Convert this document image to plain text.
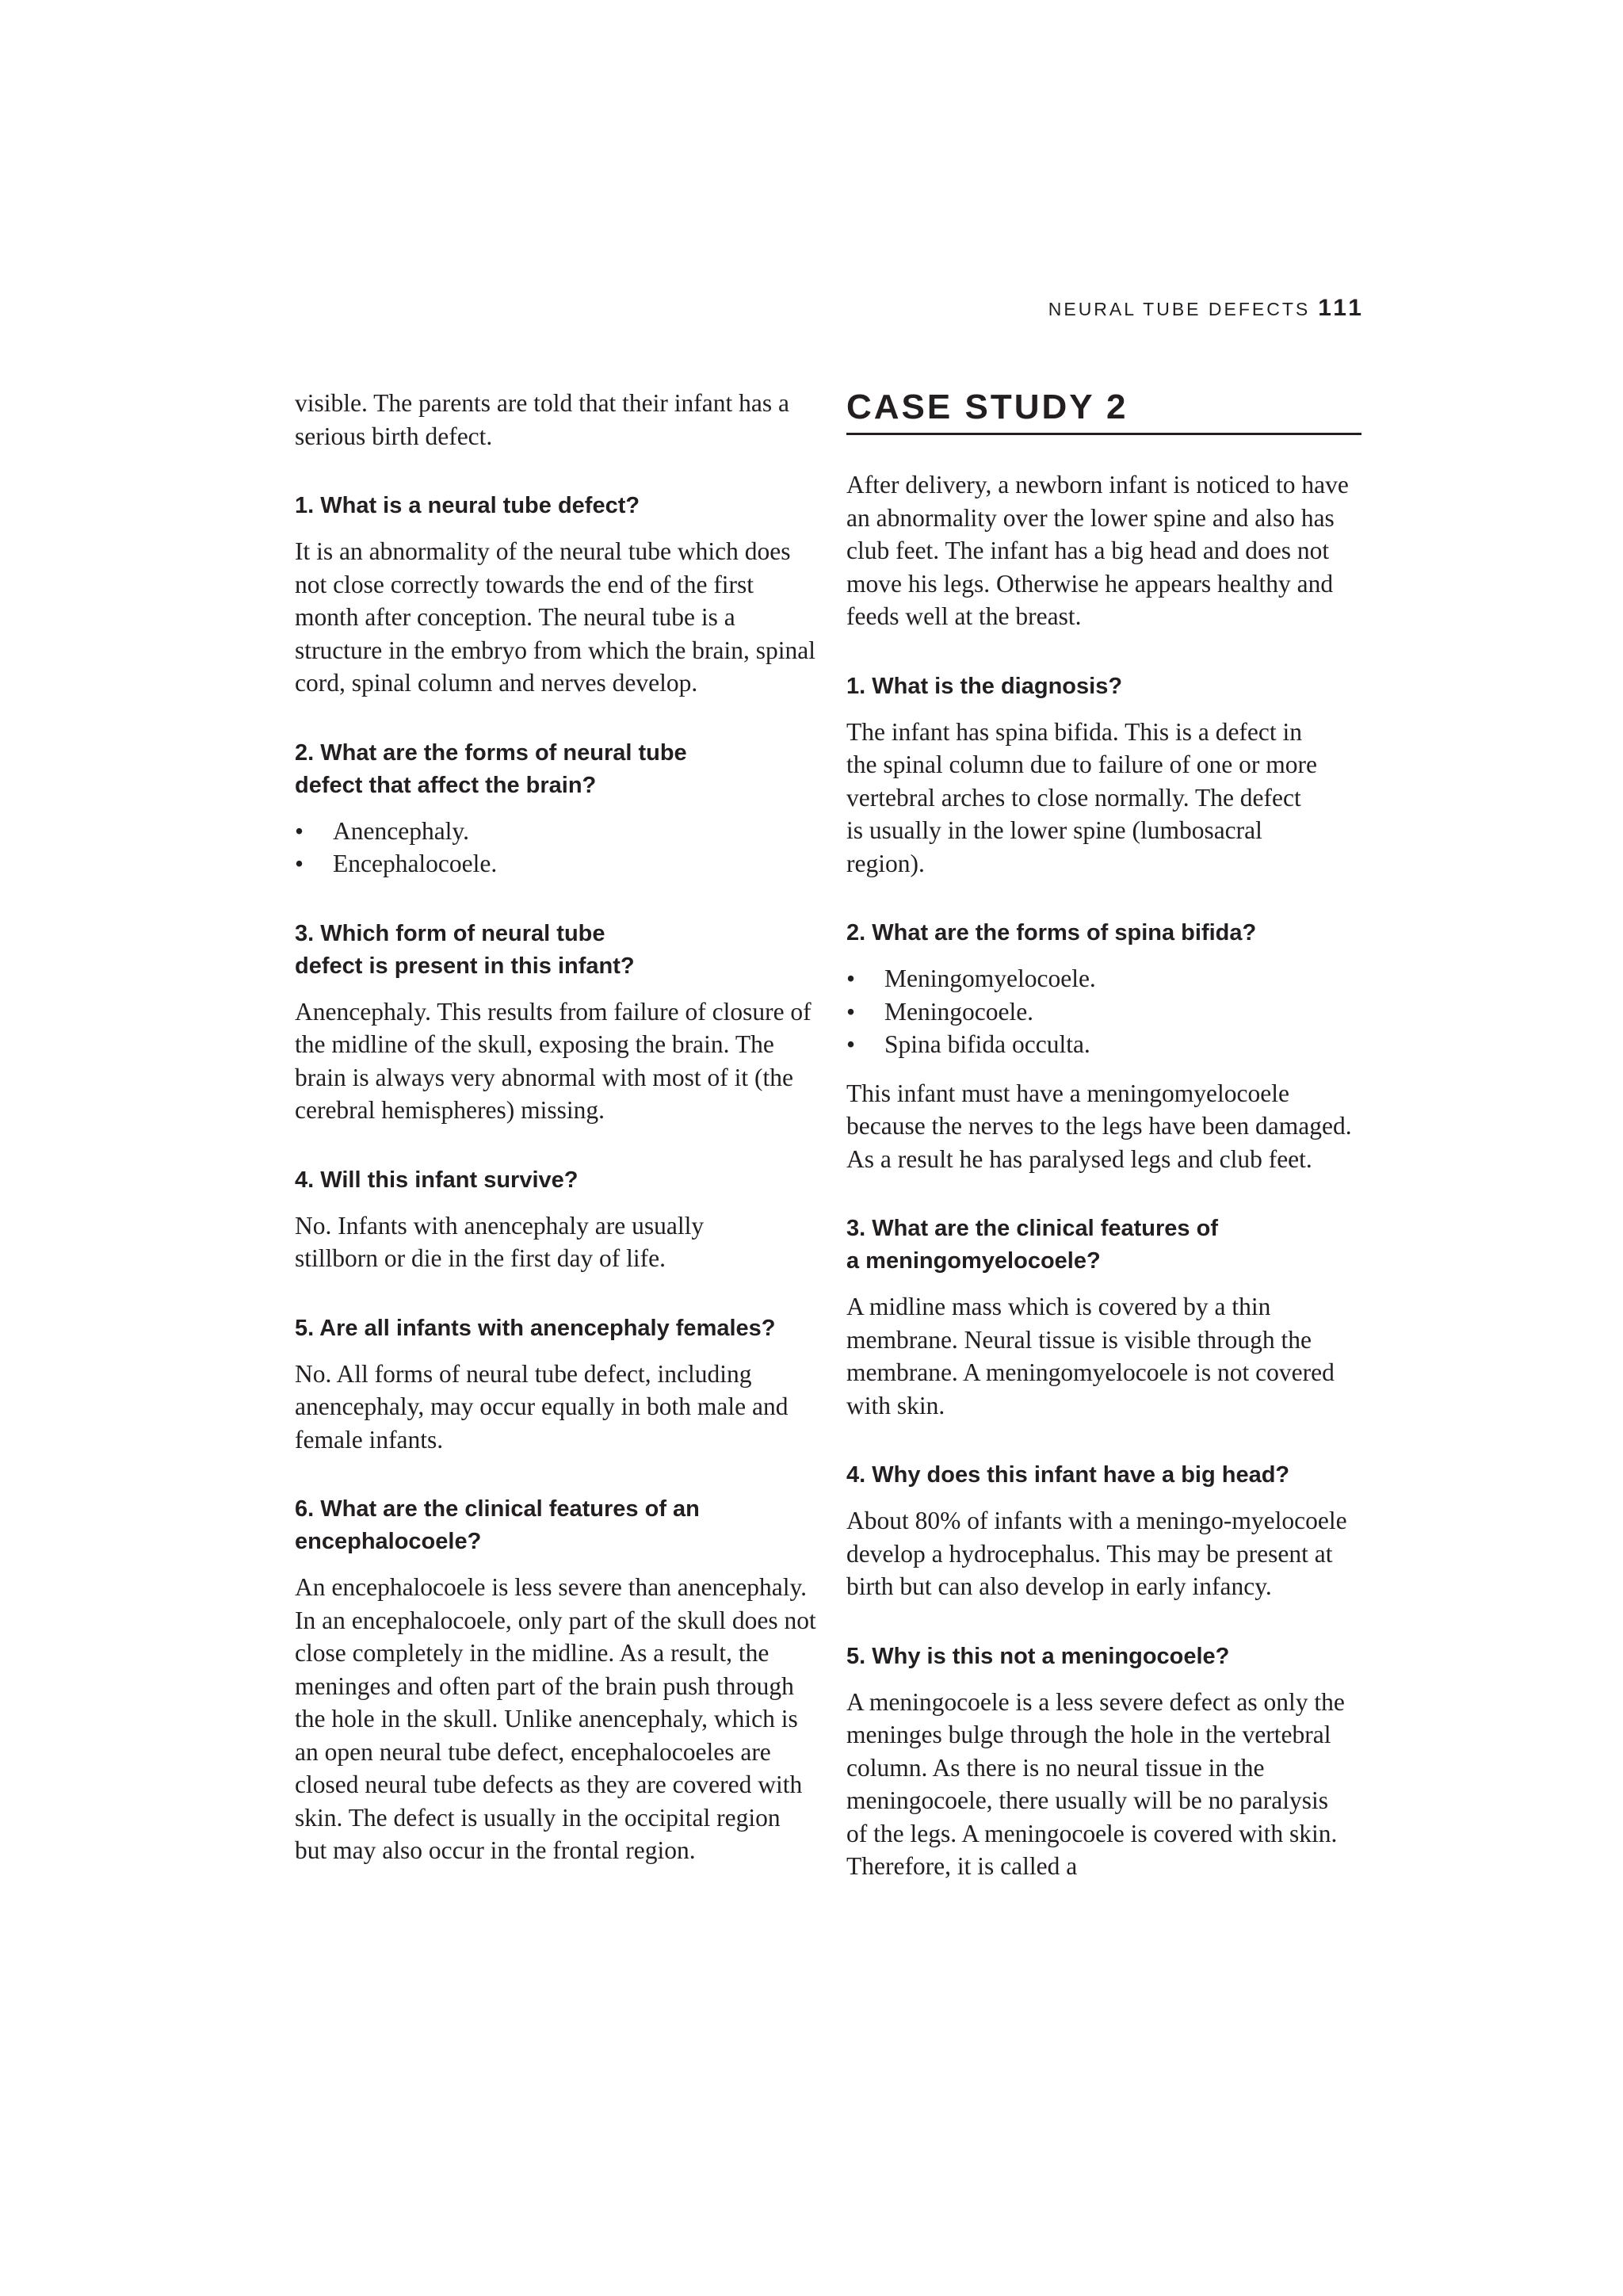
NEURAL TUBE DEFECTS 111

visible. The parents are told that their infant has a serious birth defect.

1. What is a neural tube defect?

It is an abnormality of the neural tube which does not close correctly towards the end of the first month after conception. The neural tube is a structure in the embryo from which the brain, spinal cord, spinal column and nerves develop.

2. What are the forms of neural tube defect that affect the brain?
• Anencephaly.
• Encephalocoele.
3. Which form of neural tube defect is present in this infant?

Anencephaly. This results from failure of closure of the midline of the skull, exposing the brain. The brain is always very abnormal with most of it (the cerebral hemispheres) missing.

4. Will this infant survive?

No. Infants with anencephaly are usually stillborn or die in the first day of life.

5. Are all infants with anencephaly females?

No. All forms of neural tube defect, including anencephaly, may occur equally in both male and female infants.

6. What are the clinical features of an encephalocoele?

An encephalocoele is less severe than anencephaly. In an encephalocoele, only part of the skull does not close completely in the midline. As a result, the meninges and often part of the brain push through the hole in the skull. Unlike anencephaly, which is an open neural tube defect, encephalocoeles are closed neural tube defects as they are covered with skin. The defect is usually in the occipital region but may also occur in the frontal region.

CASE STUDY 2

After delivery, a newborn infant is noticed to have an abnormality over the lower spine and also has club feet. The infant has a big head and does not move his legs. Otherwise he appears healthy and feeds well at the breast.

1. What is the diagnosis?

The infant has spina bifida. This is a defect in the spinal column due to failure of one or more vertebral arches to close normally. The defect is usually in the lower spine (lumbosacral region).

2. What are the forms of spina bifida?
• Meningomyelocoele.
• Meningocoele.
• Spina bifida occulta.

This infant must have a meningomyelocoele because the nerves to the legs have been damaged. As a result he has paralysed legs and club feet.

3. What are the clinical features of a meningomyelocoele?

A midline mass which is covered by a thin membrane. Neural tissue is visible through the membrane. A meningomyelocoele is not covered with skin.

4. Why does this infant have a big head?

About 80% of infants with a meningo-myelocoele develop a hydrocephalus. This may be present at birth but can also develop in early infancy.

5. Why is this not a meningocoele?

A meningocoele is a less severe defect as only the meninges bulge through the hole in the vertebral column. As there is no neural tissue in the meningocoele, there usually will be no paralysis of the legs. A meningocoele is covered with skin. Therefore, it is called a
